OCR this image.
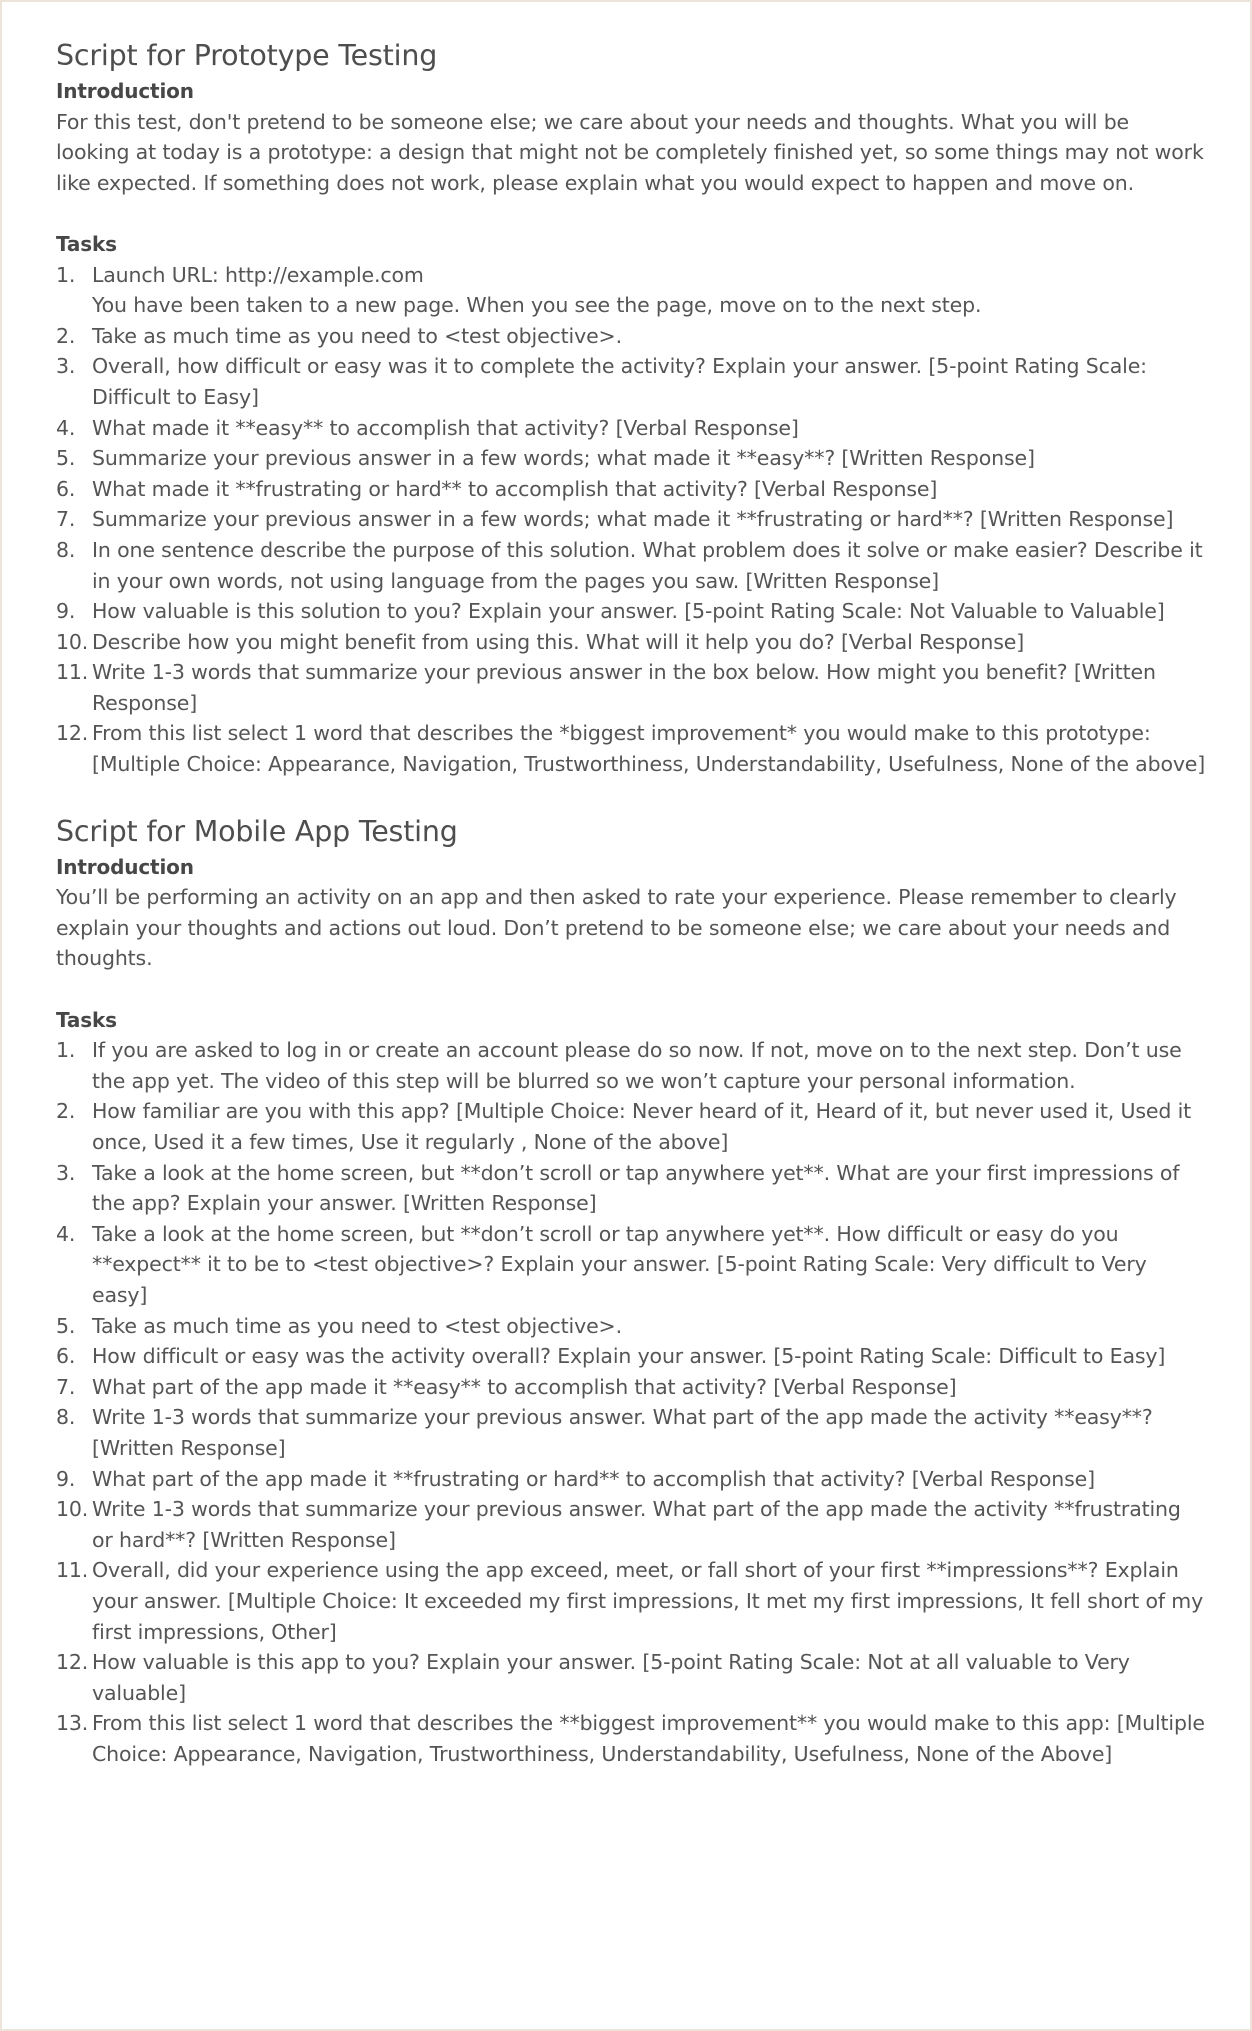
Script for Prototype Testing

Introduction

For this test, don't pretend to be someone else; we care about your needs and thoughts. What you will be looking at today is a prototype: a design that might not be completely finished yet, so some things may not work like expected. If something does not work, please explain what you would expect to happen and move on.

Tasks

1. Launch URL: http://example.com
You have been taken to a new page. When you see the page, move on to the next step.
2. Take as much time as you need to <test objective>.
3. Overall, how difficult or easy was it to complete the activity? Explain your answer. [5-point Rating Scale: Difficult to Easy]
4. What made it **easy** to accomplish that activity? [Verbal Response]
5. Summarize your previous answer in a few words; what made it **easy**? [Written Response]
6. What made it **frustrating or hard** to accomplish that activity? [Verbal Response]
7. Summarize your previous answer in a few words; what made it **frustrating or hard**? [Written Response]
8. In one sentence describe the purpose of this solution. What problem does it solve or make easier? Describe it in your own words, not using language from the pages you saw. [Written Response]
9. How valuable is this solution to you? Explain your answer. [5-point Rating Scale: Not Valuable to Valuable]
10. Describe how you might benefit from using this. What will it help you do? [Verbal Response]
11. Write 1-3 words that summarize your previous answer in the box below. How might you benefit? [Written Response]
12. From this list select 1 word that describes the *biggest improvement* you would make to this prototype: [Multiple Choice: Appearance, Navigation, Trustworthiness, Understandability, Usefulness, None of the above]
Script for Mobile App Testing

Introduction

You’ll be performing an activity on an app and then asked to rate your experience. Please remember to clearly explain your thoughts and actions out loud. Don’t pretend to be someone else; we care about your needs and thoughts.

Tasks

1. If you are asked to log in or create an account please do so now. If not, move on to the next step. Don’t use the app yet. The video of this step will be blurred so we won’t capture your personal information.
2. How familiar are you with this app? [Multiple Choice: Never heard of it, Heard of it, but never used it, Used it once, Used it a few times, Use it regularly , None of the above]
3. Take a look at the home screen, but **don’t scroll or tap anywhere yet**. What are your first impressions of the app? Explain your answer. [Written Response]
4. Take a look at the home screen, but **don’t scroll or tap anywhere yet**. How difficult or easy do you **expect** it to be to <test objective>? Explain your answer. [5-point Rating Scale: Very difficult to Very easy]
5. Take as much time as you need to <test objective>.
6. How difficult or easy was the activity overall? Explain your answer. [5-point Rating Scale: Difficult to Easy]
7. What part of the app made it **easy** to accomplish that activity? [Verbal Response]
8. Write 1-3 words that summarize your previous answer. What part of the app made the activity **easy**? [Written Response]
9. What part of the app made it **frustrating or hard** to accomplish that activity? [Verbal Response]
10. Write 1-3 words that summarize your previous answer. What part of the app made the activity **frustrating or hard**? [Written Response]
11. Overall, did your experience using the app exceed, meet, or fall short of your first **impressions**? Explain your answer. [Multiple Choice: It exceeded my first impressions, It met my first impressions, It fell short of my first impressions, Other]
12. How valuable is this app to you? Explain your answer. [5-point Rating Scale: Not at all valuable to Very valuable]
13. From this list select 1 word that describes the **biggest improvement** you would make to this app: [Multiple Choice: Appearance, Navigation, Trustworthiness, Understandability, Usefulness, None of the Above]
